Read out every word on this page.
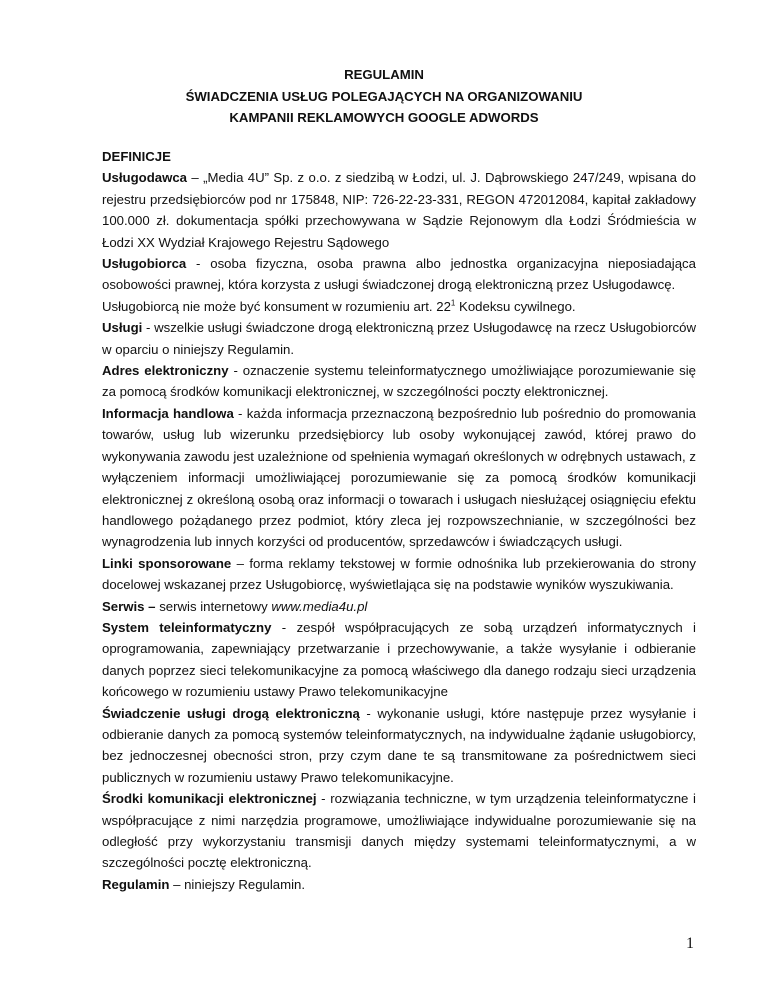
REGULAMIN
ŚWIADCZENIA USŁUG POLEGAJĄCYCH NA ORGANIZOWANIU
KAMPANII REKLAMOWYCH GOOGLE ADWORDS

DEFINICJE

Usługodawca – „Media 4U” Sp. z o.o. z siedzibą w Łodzi, ul. J. Dąbrowskiego 247/249, wpisana do rejestru przedsiębiorców pod nr 175848, NIP: 726-22-23-331, REGON 472012084, kapitał zakładowy 100.000 zł. dokumentacja spółki przechowywana w Sądzie Rejonowym dla Łodzi Śródmieścia w Łodzi XX Wydział Krajowego Rejestru Sądowego

Usługobiorca - osoba fizyczna, osoba prawna albo jednostka organizacyjna nieposiadająca osobowości prawnej, która korzysta z usługi świadczonej drogą elektroniczną przez Usługodawcę.
Usługobiorcą nie może być konsument w rozumieniu art. $22^1$ Kodeksu cywilnego.

Usługi - wszelkie usługi świadczone drogą elektroniczną przez Usługodawcę na rzecz Usługobiorców w oparciu o niniejszy Regulamin.

Adres elektroniczny - oznaczenie systemu teleinformatycznego umożliwiające porozumiewanie się za pomocą środków komunikacji elektronicznej, w szczególności poczty elektronicznej.

Informacja handlowa - każda informacja przeznaczoną bezpośrednio lub pośrednio do promowania towarów, usług lub wizerunku przedsiębiorcy lub osoby wykonującej zawód, której prawo do wykonywania zawodu jest uzależnione od spełnienia wymagań określonych w odrębnych ustawach, z wyłączeniem informacji umożliwiającej porozumiewanie się za pomocą środków komunikacji elektronicznej z określoną osobą oraz informacji o towarach i usługach niesłużącej osiągnięciu efektu handlowego pożądanego przez podmiot, który zleca jej rozpowszechnianie, w szczególności bez wynagrodzenia lub innych korzyści od producentów, sprzedawców i świadczących usługi.

Linki sponsorowane – forma reklamy tekstowej w formie odnośnika lub przekierowania do strony docelowej wskazanej przez Usługobiorcę, wyświetlająca się na podstawie wyników wyszukiwania.

Serwis – serwis internetowy www.media4u.pl

System teleinformatyczny - zespół współpracujących ze sobą urządzeń informatycznych i oprogramowania, zapewniający przetwarzanie i przechowywanie, a także wysyłanie i odbieranie danych poprzez sieci telekomunikacyjne za pomocą właściwego dla danego rodzaju sieci urządzenia końcowego w rozumieniu ustawy Prawo telekomunikacyjne

Świadczenie usługi drogą elektroniczną - wykonanie usługi, które następuje przez wysyłanie i odbieranie danych za pomocą systemów teleinformatycznych, na indywidualne żądanie usługobiorcy, bez jednoczesnej obecności stron, przy czym dane te są transmitowane za pośrednictwem sieci publicznych w rozumieniu ustawy Prawo telekomunikacyjne.

Środki komunikacji elektronicznej - rozwiązania techniczne, w tym urządzenia teleinformatyczne i współpracujące z nimi narzędzia programowe, umożliwiające indywidualne porozumiewanie się na odległość przy wykorzystaniu transmisji danych między systemami teleinformatycznymi, a w szczególności pocztę elektroniczną.

Regulamin – niniejszy Regulamin.

1
